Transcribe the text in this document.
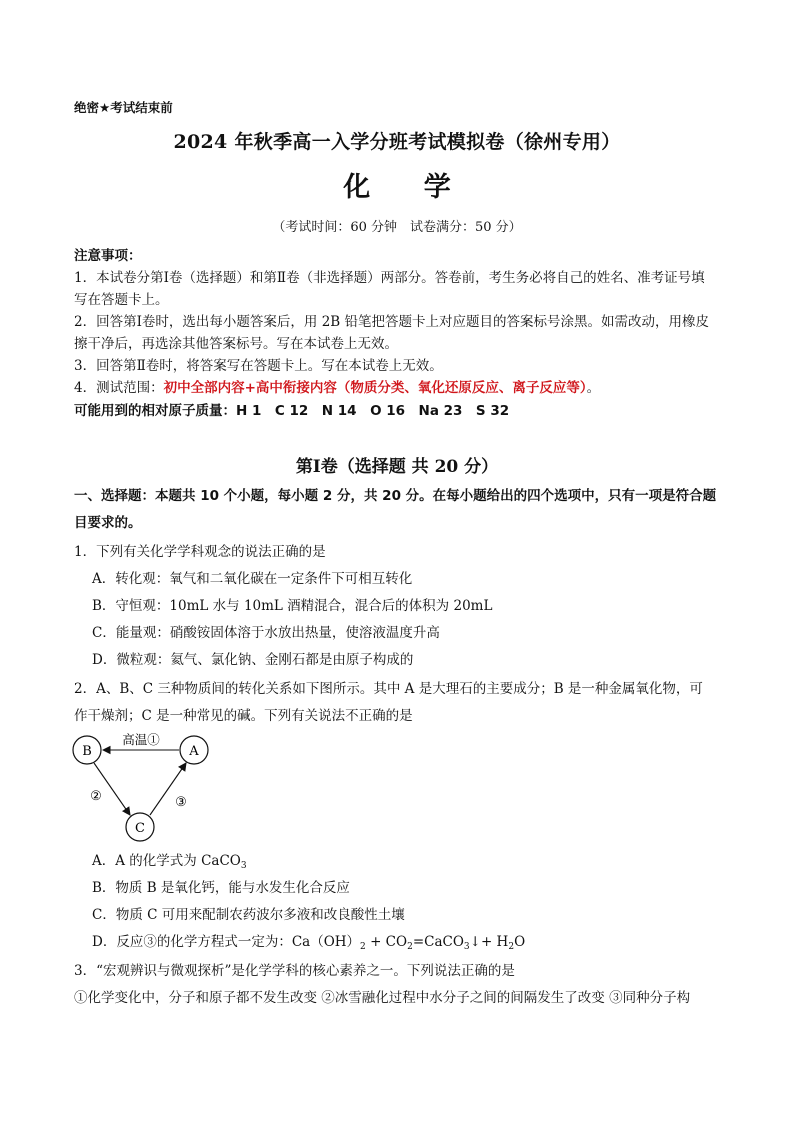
绝密★考试结束前
2024 年秋季高一入学分班考试模拟卷（徐州专用）
化 学
（考试时间：60 分钟　试卷满分：50 分）
注意事项：
1．本试卷分第Ⅰ卷（选择题）和第Ⅱ卷（非选择题）两部分。答卷前，考生务必将自己的姓名、准考证号填
写在答题卡上。
2．回答第Ⅰ卷时，选出每小题答案后，用 2B 铅笔把答题卡上对应题目的答案标号涂黑。如需改动，用橡皮
擦干净后，再选涂其他答案标号。写在本试卷上无效。
3．回答第Ⅱ卷时，将答案写在答题卡上。写在本试卷上无效。
4．测试范围：初中全部内容+高中衔接内容（物质分类、氧化还原反应、离子反应等）。
可能用到的相对原子质量：H 1　C 12　N 14　O 16　Na 23　S 32
第Ⅰ卷（选择题 共 20 分）
一、选择题：本题共 10 个小题，每小题 2 分，共 20 分。在每小题给出的四个选项中，只有一项是符合题
目要求的。
1．下列有关化学学科观念的说法正确的是
A．转化观：氧气和二氧化碳在一定条件下可相互转化
B．守恒观：10mL 水与 10mL 酒精混合，混合后的体积为 20mL
C．能量观：硝酸铵固体溶于水放出热量，使溶液温度升高
D．微粒观：氦气、氯化钠、金刚石都是由原子构成的
2．A、B、C 三种物质间的转化关系如下图所示。其中 A 是大理石的主要成分；B 是一种金属氧化物，可
作干燥剂；C 是一种常见的碱。下列有关说法不正确的是
B	A
C
高温①
②	③
A．A 的化学式为 CaCO$_3$
B．物质 B 是氧化钙，能与水发生化合反应
C．物质 C 可用来配制农药波尔多液和改良酸性土壤
D．反应③的化学方程式一定为：$Ca(OH)_2$ + $CO_2=CaCO_3↓+ H_2O$
3．“宏观辨识与微观探析”是化学学科的核心素养之一。下列说法正确的是
①化学变化中，分子和原子都不发生改变 ②冰雪融化过程中水分子之间的间隔发生了改变 ③同种分子构
